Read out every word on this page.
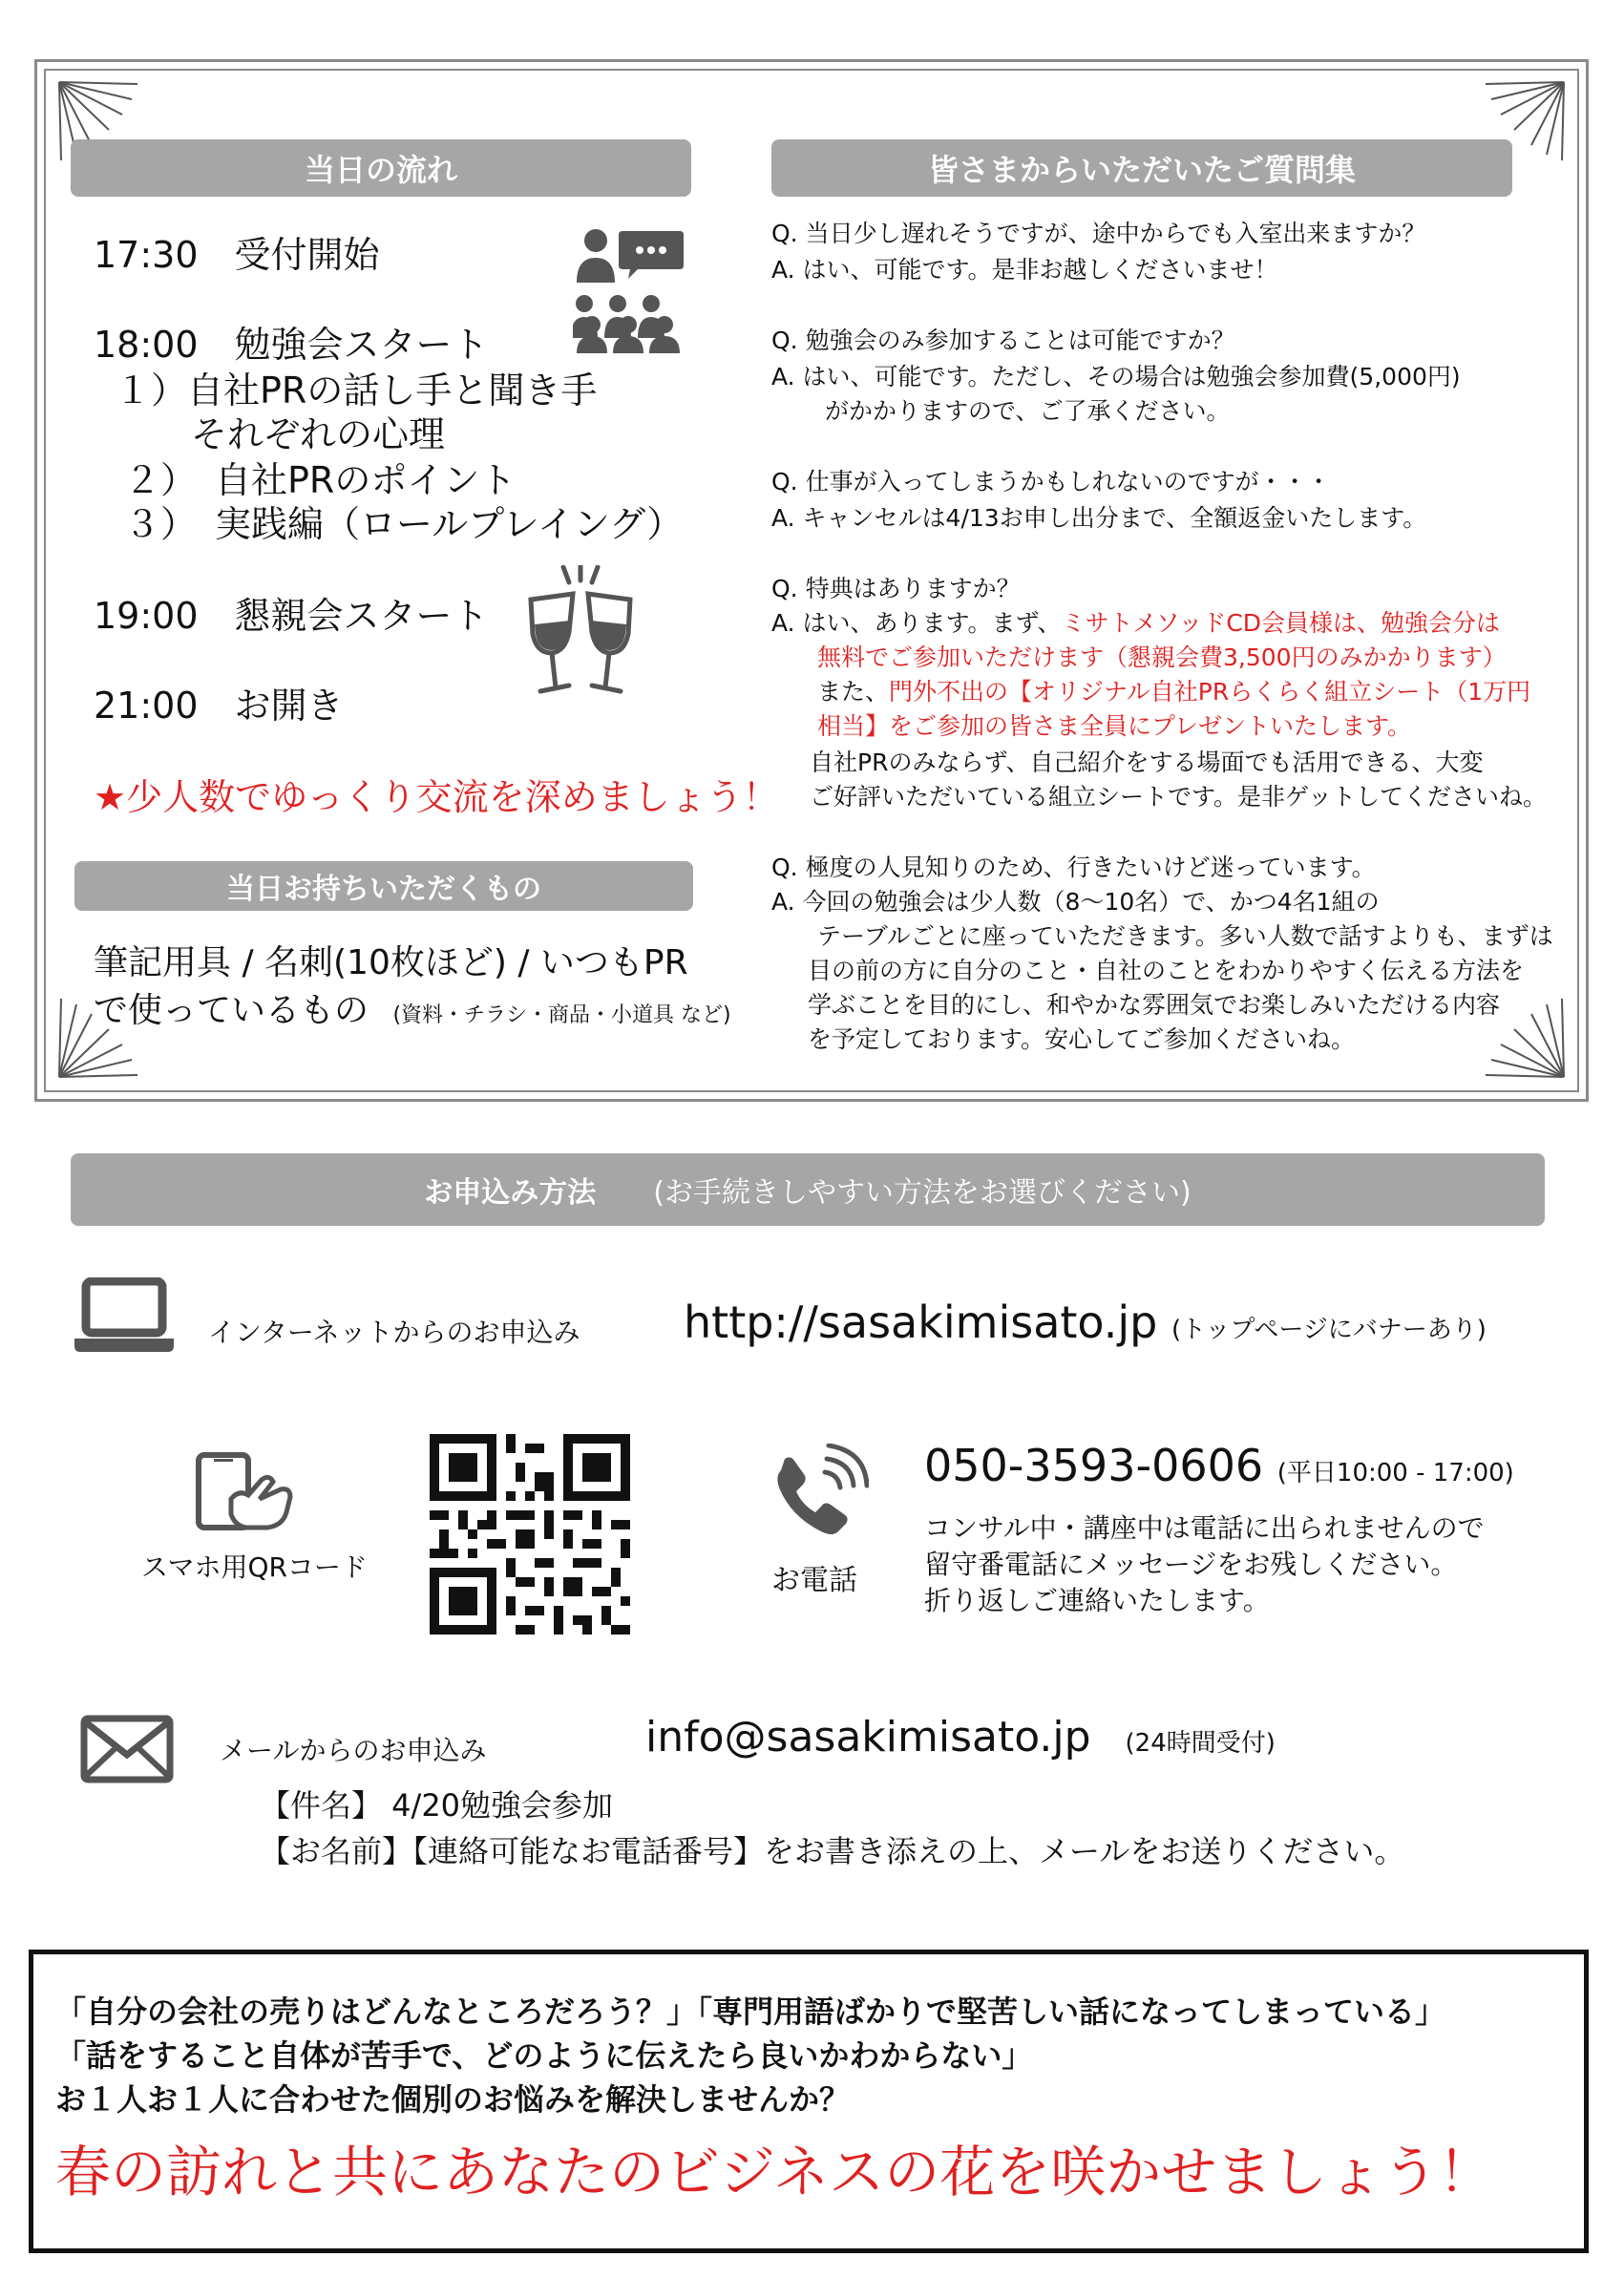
当日の流れ
17:30　受付開始
18:00　勉強会スタート
１）自社PRの話し手と聞き手
それぞれの心理
２）　自社PRのポイント
３）　実践編（ロールプレイング）
19:00　懇親会スタート
21:00　お開き
★少人数でゆっくり交流を深めましょう！
当日お持ちいただくもの
筆記用具 / 名刺(10枚ほど) / いつもPR
で使っているもの (資料・チラシ・商品・小道具 など)
皆さまからいただいたご質問集
Q. 当日少し遅れそうですが、途中からでも入室出来ますか？
A. はい、可能です。是非お越しくださいませ！
Q. 勉強会のみ参加することは可能ですか？
A. はい、可能です。ただし、その場合は勉強会参加費(5,000円)
がかかりますので、ご了承ください。
Q. 仕事が入ってしまうかもしれないのですが・・・
A. キャンセルは4/13お申し出分まで、全額返金いたします。
Q. 特典はありますか？
A. はい、あります。まず、ミサトメソッドCD会員様は、勉強会分は
無料でご参加いただけます（懇親会費3,500円のみかかります）
また、門外不出の【オリジナル自社PRらくらく組立シート（1万円
相当】をご参加の皆さま全員にプレゼントいたします。
自社PRのみならず、自己紹介をする場面でも活用できる、大変
ご好評いただいている組立シートです。是非ゲットしてくださいね。
Q. 極度の人見知りのため、行きたいけど迷っています。
A. 今回の勉強会は少人数（8〜10名）で、かつ4名1組の
テーブルごとに座っていただきます。多い人数で話すよりも、まずは
目の前の方に自分のこと・自社のことをわかりやすく伝える方法を
学ぶことを目的にし、和やかな雰囲気でお楽しみいただける内容
を予定しております。安心してご参加くださいね。
お申込み方法 (お手続きしやすい方法をお選びください)
インターネットからのお申込み http://sasakimisato.jp (トップページにバナーあり)
スマホ用QRコード	お電話
050-3593-0606 (平日10:00 - 17:00)
コンサル中・講座中は電話に出られませんので
留守番電話にメッセージをお残しください。
折り返しご連絡いたします。
メールからのお申込み	info@sasakimisato.jp (24時間受付)
【件名】 4/20勉強会参加
【お名前】【連絡可能なお電話番号】をお書き添えの上、メールをお送りください。
「自分の会社の売りはどんなところだろう？」「専門用語ばかりで堅苦しい話になってしまっている」
「話をすること自体が苦手で、どのように伝えたら良いかわからない」
お１人お１人に合わせた個別のお悩みを解決しませんか？
春の訪れと共にあなたのビジネスの花を咲かせましょう！
